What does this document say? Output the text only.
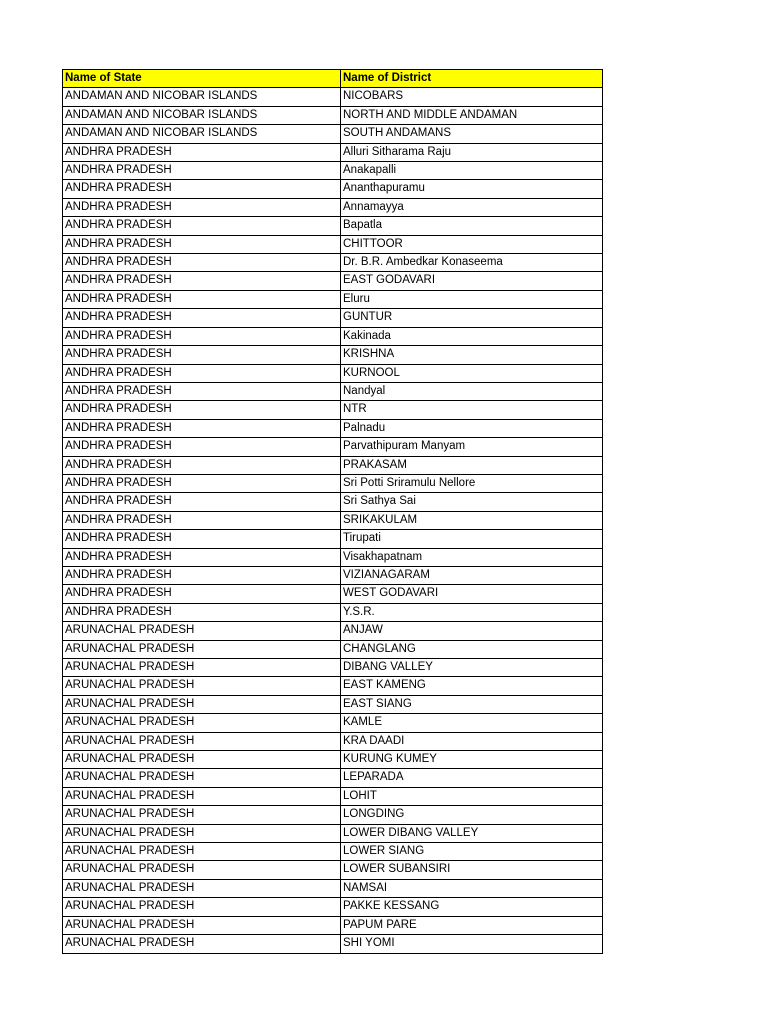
Name of State	Name of District
ANDAMAN AND NICOBAR ISLANDS	NICOBARS
ANDAMAN AND NICOBAR ISLANDS	NORTH AND MIDDLE ANDAMAN
ANDAMAN AND NICOBAR ISLANDS	SOUTH ANDAMANS
ANDHRA PRADESH	Alluri Sitharama Raju
ANDHRA PRADESH	Anakapalli
ANDHRA PRADESH	Ananthapuramu
ANDHRA PRADESH	Annamayya
ANDHRA PRADESH	Bapatla
ANDHRA PRADESH	CHITTOOR
ANDHRA PRADESH	Dr. B.R. Ambedkar Konaseema
ANDHRA PRADESH	EAST GODAVARI
ANDHRA PRADESH	Eluru
ANDHRA PRADESH	GUNTUR
ANDHRA PRADESH	Kakinada
ANDHRA PRADESH	KRISHNA
ANDHRA PRADESH	KURNOOL
ANDHRA PRADESH	Nandyal
ANDHRA PRADESH	NTR
ANDHRA PRADESH	Palnadu
ANDHRA PRADESH	Parvathipuram Manyam
ANDHRA PRADESH	PRAKASAM
ANDHRA PRADESH	Sri Potti Sriramulu Nellore
ANDHRA PRADESH	Sri Sathya Sai
ANDHRA PRADESH	SRIKAKULAM
ANDHRA PRADESH	Tirupati
ANDHRA PRADESH	Visakhapatnam
ANDHRA PRADESH	VIZIANAGARAM
ANDHRA PRADESH	WEST GODAVARI
ANDHRA PRADESH	Y.S.R.
ARUNACHAL PRADESH	ANJAW
ARUNACHAL PRADESH	CHANGLANG
ARUNACHAL PRADESH	DIBANG VALLEY
ARUNACHAL PRADESH	EAST KAMENG
ARUNACHAL PRADESH	EAST SIANG
ARUNACHAL PRADESH	KAMLE
ARUNACHAL PRADESH	KRA DAADI
ARUNACHAL PRADESH	KURUNG KUMEY
ARUNACHAL PRADESH	LEPARADA
ARUNACHAL PRADESH	LOHIT
ARUNACHAL PRADESH	LONGDING
ARUNACHAL PRADESH	LOWER DIBANG VALLEY
ARUNACHAL PRADESH	LOWER SIANG
ARUNACHAL PRADESH	LOWER SUBANSIRI
ARUNACHAL PRADESH	NAMSAI
ARUNACHAL PRADESH	PAKKE KESSANG
ARUNACHAL PRADESH	PAPUM PARE
ARUNACHAL PRADESH	SHI YOMI
